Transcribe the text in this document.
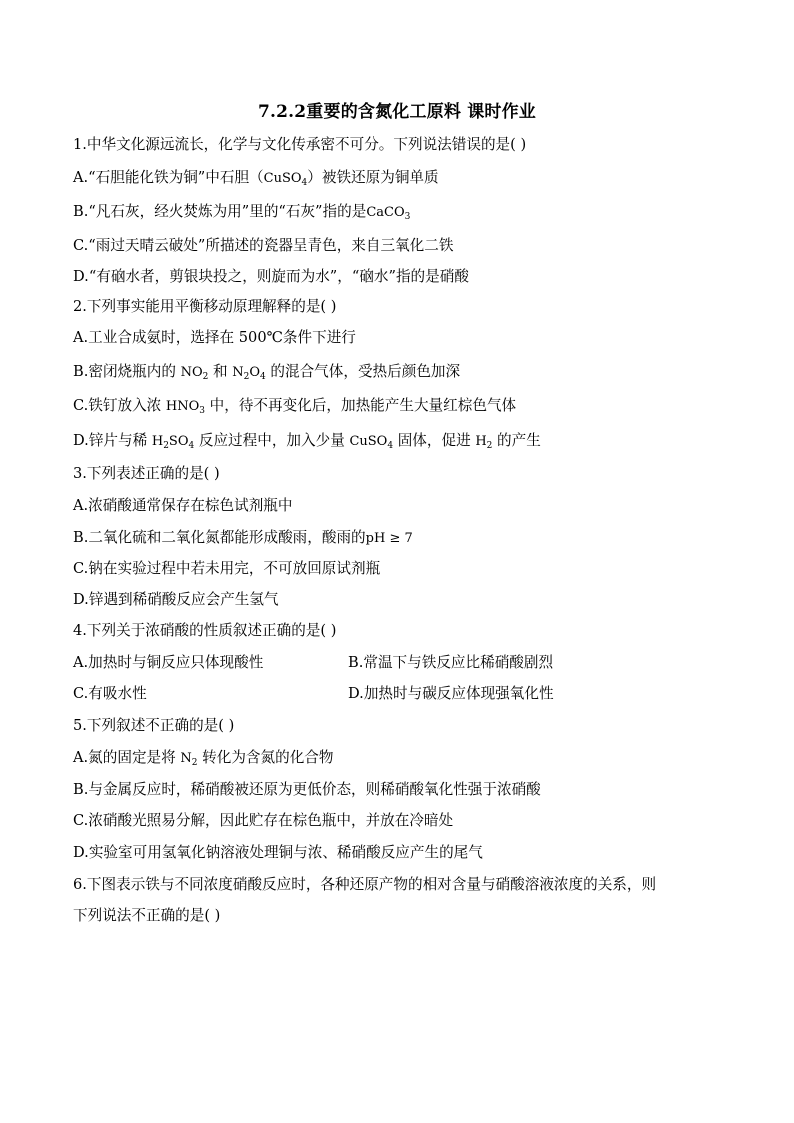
7.2.2重要的含氮化工原料 课时作业
1.中华文化源远流长，化学与文化传承密不可分。下列说法错误的是( )
A.“石胆能化铁为铜”中石胆（CuSO$_4$）被铁还原为铜单质
B.“凡石灰，经火焚炼为用”里的“石灰”指的是CaCO$_3$
C.“雨过天晴云破处”所描述的瓷器呈青色，来自三氧化二铁
D.“有硇水者，剪银块投之，则旋而为水”，“硇水”指的是硝酸
2.下列事实能用平衡移动原理解释的是( )
A.工业合成氨时，选择在 500℃条件下进行
B.密闭烧瓶内的 $NO_2$ 和 $N_2O_4$ 的混合气体，受热后颜色加深
C.铁钉放入浓 $HNO_3$ 中，待不再变化后，加热能产生大量红棕色气体
D.锌片与稀 $H_2SO_4$ 反应过程中，加入少量 CuSO$_4$ 固体，促进 $H_2$ 的产生
3.下列表述正确的是( )
A.浓硝酸通常保存在棕色试剂瓶中
B.二氧化硫和二氧化氮都能形成酸雨，酸雨的pH ≥ 7
C.钠在实验过程中若未用完，不可放回原试剂瓶
D.锌遇到稀硝酸反应会产生氢气
4.下列关于浓硝酸的性质叙述正确的是( )
A.加热时与铜反应只体现酸性	B.常温下与铁反应比稀硝酸剧烈
C.有吸水性	D.加热时与碳反应体现强氧化性
5.下列叙述不正确的是( )
A.氮的固定是将 $N_2$ 转化为含氮的化合物
B.与金属反应时，稀硝酸被还原为更低价态，则稀硝酸氧化性强于浓硝酸
C.浓硝酸光照易分解，因此贮存在棕色瓶中，并放在冷暗处
D.实验室可用氢氧化钠溶液处理铜与浓、稀硝酸反应产生的尾气
6.下图表示铁与不同浓度硝酸反应时，各种还原产物的相对含量与硝酸溶液浓度的关系，则
下列说法不正确的是( )
